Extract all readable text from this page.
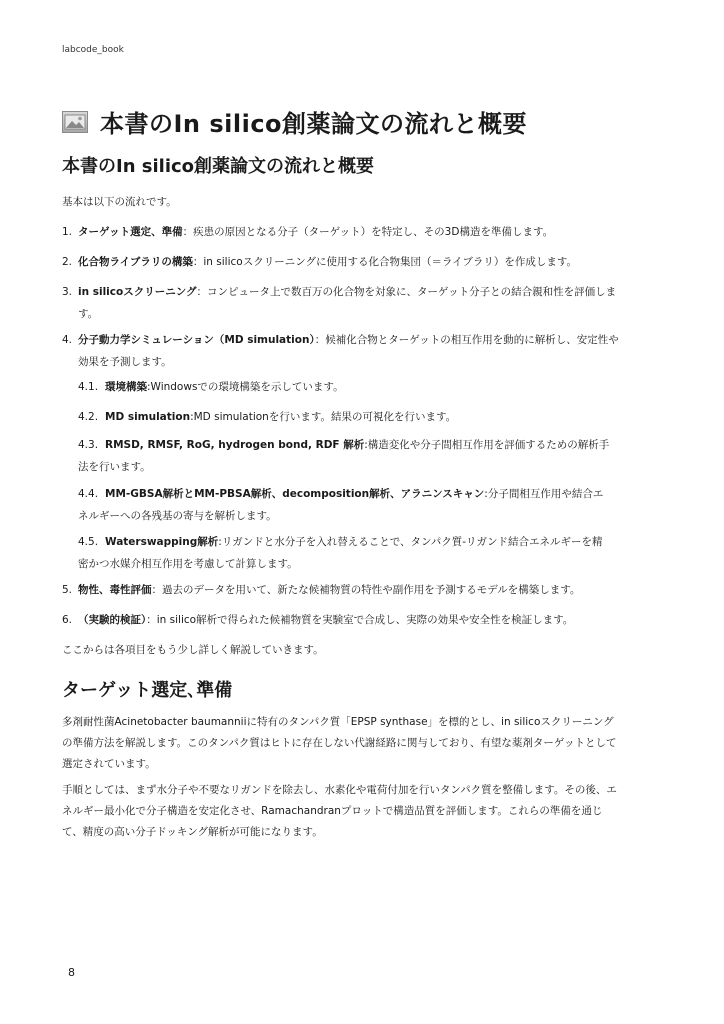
labcode_book
本書のIn silico創薬論文の流れと概要
本書のIn silico創薬論文の流れと概要

基本は以下の流れです。

1. ターゲット選定、準備：疾患の原因となる分子（ターゲット）を特定し、その3D構造を準備します。
2. 化合物ライブラリの構築：in silicoスクリーニングに使用する化合物集団（＝ライブラリ）を作成します。
3. in silicoスクリーニング：コンピュータ上で数百万の化合物を対象に、ターゲット分子との結合親和性を評価します。
4. 分子動力学シミュレーション（MD simulation）：候補化合物とターゲットの相互作用を動的に解析し、安定性や効果を予測します。
4.1. 環境構築:Windowsでの環境構築を示しています。
4.2. MD simulation:MD simulationを行います。結果の可視化を行います。
4.3. RMSD, RMSF, RoG, hydrogen bond, RDF 解析:構造変化や分子間相互作用を評価するための解析手法を行います。
4.4. MM-GBSA解析とMM-PBSA解析、decomposition解析、アラニンスキャン:分子間相互作用や結合エネルギーへの各残基の寄与を解析します。
4.5. Waterswapping解析:リガンドと水分子を入れ替えることで、タンパク質-リガンド結合エネルギーを精密かつ水媒介相互作用を考慮して計算します。
5. 物性、毒性評価：過去のデータを用いて、新たな候補物質の特性や副作用を予測するモデルを構築します。
6. （実験的検証）：in silico解析で得られた候補物質を実験室で合成し、実際の効果や安全性を検証します。

ここからは各項目をもう少し詳しく解説していきます。

ターゲット選定､準備

多剤耐性菌Acinetobacter baumanniiに特有のタンパク質「EPSP synthase」を標的とし、in silicoスクリーニングの準備方法を解説します。このタンパク質はヒトに存在しない代謝経路に関与しており、有望な薬剤ターゲットとして選定されています。

手順としては、まず水分子や不要なリガンドを除去し、水素化や電荷付加を行いタンパク質を整備します。その後、エネルギー最小化で分子構造を安定化させ、Ramachandranプロットで構造品質を評価します。これらの準備を通じて、精度の高い分子ドッキング解析が可能になります。

8
